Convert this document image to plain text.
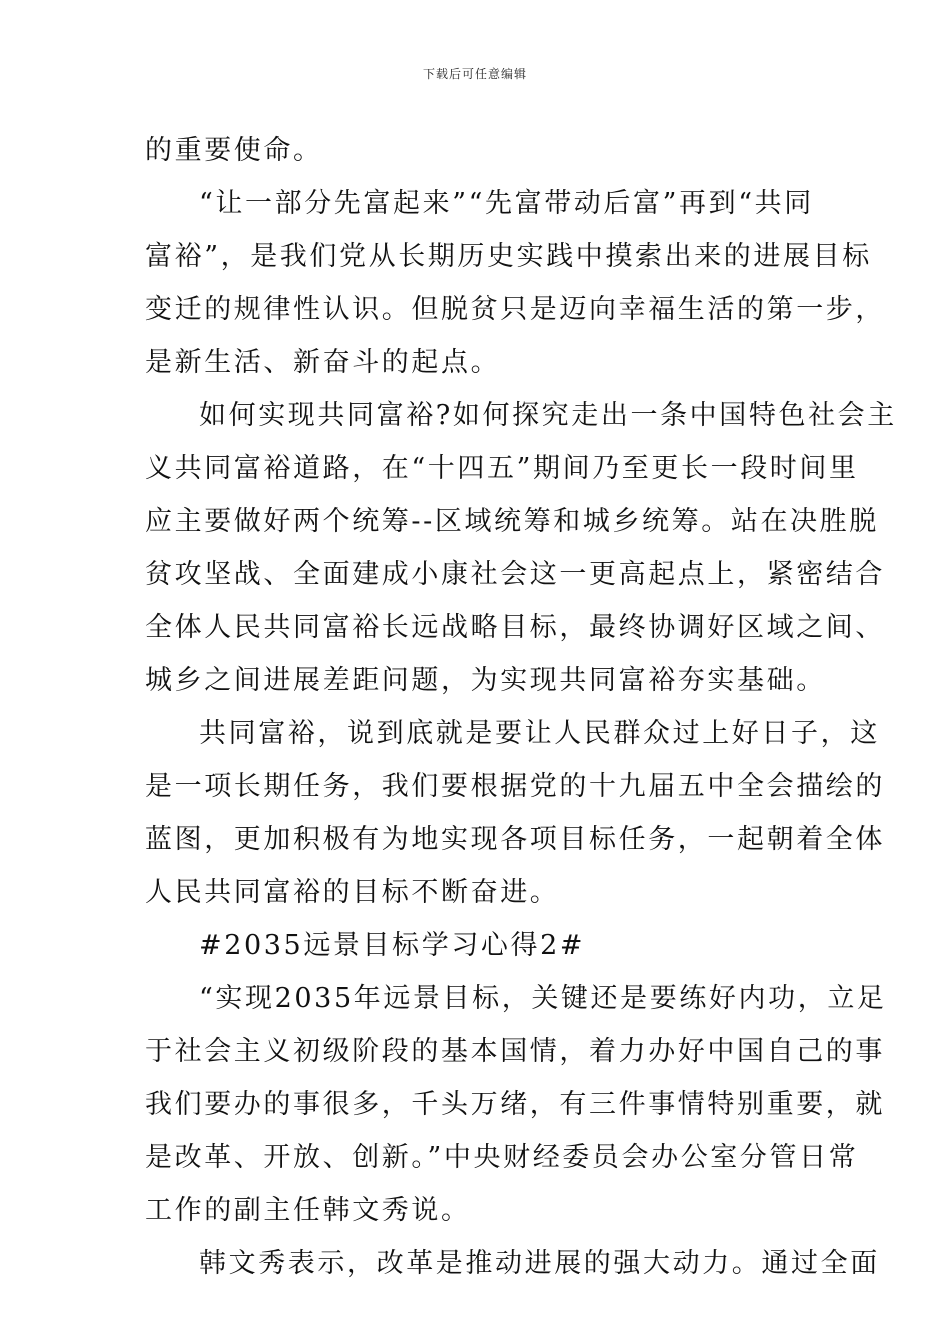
下载后可任意编辑
的重要使命。
“让一部分先富起来”“先富带动后富”再到“共同
富裕”，是我们党从长期历史实践中摸索出来的进展目标
变迁的规律性认识。但脱贫只是迈向幸福生活的第一步，
是新生活、新奋斗的起点。
如何实现共同富裕?如何探究走出一条中国特色社会主
义共同富裕道路，在“十四五”期间乃至更长一段时间里
应主要做好两个统筹--区域统筹和城乡统筹。站在决胜脱
贫攻坚战、全面建成小康社会这一更高起点上，紧密结合
全体人民共同富裕长远战略目标，最终协调好区域之间、
城乡之间进展差距问题，为实现共同富裕夯实基础。
共同富裕，说到底就是要让人民群众过上好日子，这
是一项长期任务，我们要根据党的十九届五中全会描绘的
蓝图，更加积极有为地实现各项目标任务，一起朝着全体
人民共同富裕的目标不断奋进。
#2035远景目标学习心得2#
“实现2035年远景目标，关键还是要练好内功，立足
于社会主义初级阶段的基本国情，着力办好中国自己的事
我们要办的事很多，千头万绪，有三件事情特别重要，就
是改革、开放、创新。”中央财经委员会办公室分管日常
工作的副主任韩文秀说。
韩文秀表示，改革是推动进展的强大动力。通过全面
